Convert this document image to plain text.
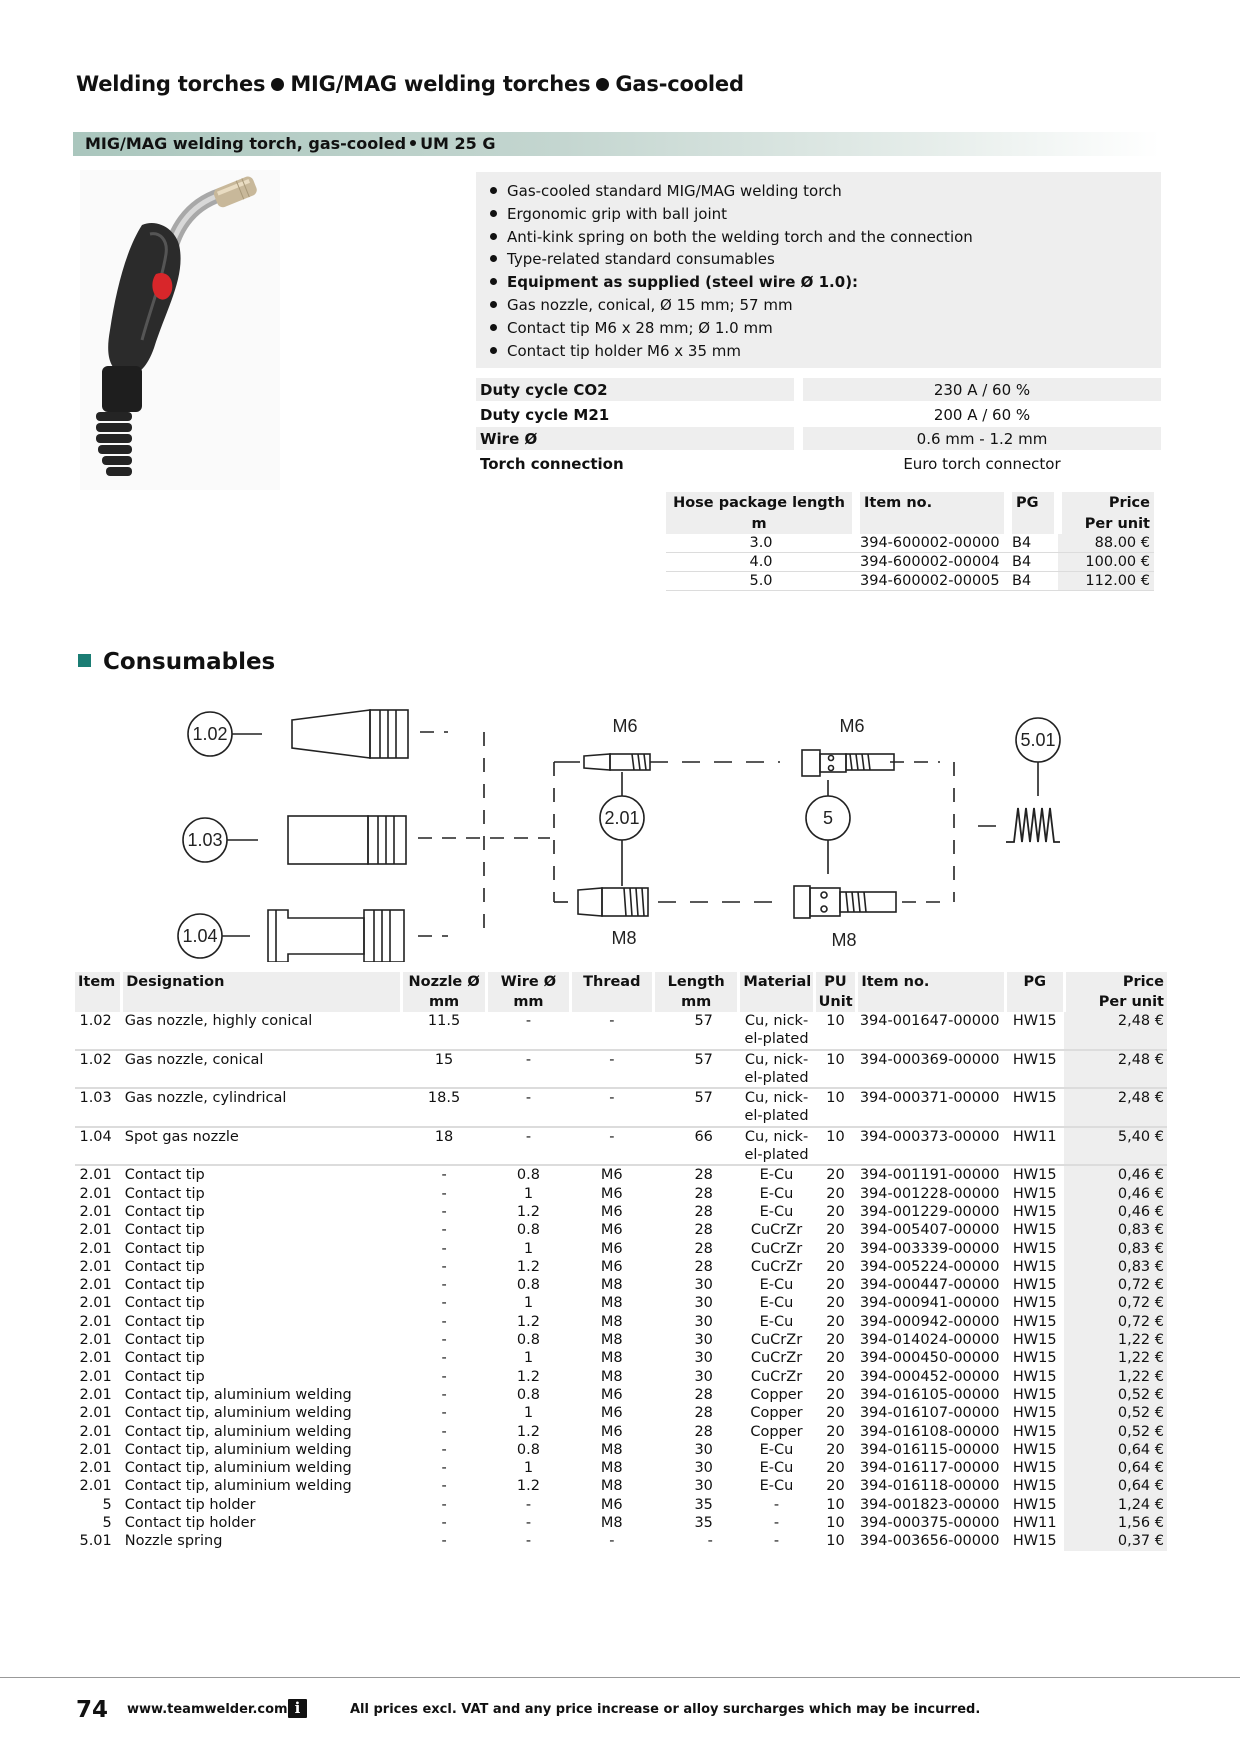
Welding torches MIG/MAG welding torches Gas-cooled
MIG/MAG welding torch, gas-cooled UM 25 G
Gas-cooled standard MIG/MAG welding torch
Ergonomic grip with ball joint
Anti-kink spring on both the welding torch and the connection
Type-related standard consumables
Equipment as supplied (steel wire Ø 1.0):
Gas nozzle, conical, Ø 15 mm; 57 mm
Contact tip M6 x 28 mm; Ø 1.0 mm
Contact tip holder M6 x 35 mm
Duty cycle CO2	230 A / 60 %
Duty cycle M21	200 A / 60 %
Wire Ø	0.6 mm - 1.2 mm
Torch connection	Euro torch connector
Hose package length	Item no.	PG	Price
m			Per unit
3.0	394-600002-00000	B4	88.00 €
4.0	394-600002-00004	B4	100.00 €
5.0	394-600002-00005	B4	112.00 €
Consumables
1.02
1.03
1.04
M6
2.01
M8
M6
5
M8
5.01
Item	Designation	Nozzle Ø	Wire Ø	Thread	Length	Material	PU	Item no.	PG	Price
		mm	mm		mm		Unit			Per unit
1.02	Gas nozzle, highly conical	11.5	-	-	57	Cu, nick-
el-plated	10	394-001647-00000	HW15	2,48 €
1.02	Gas nozzle, conical	15	-	-	57	Cu, nick-
el-plated	10	394-000369-00000	HW15	2,48 €
1.03	Gas nozzle, cylindrical	18.5	-	-	57	Cu, nick-
el-plated	10	394-000371-00000	HW15	2,48 €
1.04	Spot gas nozzle	18	-	-	66	Cu, nick-
el-plated	10	394-000373-00000	HW11	5,40 €
2.01	Contact tip	-	0.8	M6	28	E-Cu	20	394-001191-00000	HW15	0,46 €
2.01	Contact tip	-	1	M6	28	E-Cu	20	394-001228-00000	HW15	0,46 €
2.01	Contact tip	-	1.2	M6	28	E-Cu	20	394-001229-00000	HW15	0,46 €
2.01	Contact tip	-	0.8	M6	28	CuCrZr	20	394-005407-00000	HW15	0,83 €
2.01	Contact tip	-	1	M6	28	CuCrZr	20	394-003339-00000	HW15	0,83 €
2.01	Contact tip	-	1.2	M6	28	CuCrZr	20	394-005224-00000	HW15	0,83 €
2.01	Contact tip	-	0.8	M8	30	E-Cu	20	394-000447-00000	HW15	0,72 €
2.01	Contact tip	-	1	M8	30	E-Cu	20	394-000941-00000	HW15	0,72 €
2.01	Contact tip	-	1.2	M8	30	E-Cu	20	394-000942-00000	HW15	0,72 €
2.01	Contact tip	-	0.8	M8	30	CuCrZr	20	394-014024-00000	HW15	1,22 €
2.01	Contact tip	-	1	M8	30	CuCrZr	20	394-000450-00000	HW15	1,22 €
2.01	Contact tip	-	1.2	M8	30	CuCrZr	20	394-000452-00000	HW15	1,22 €
2.01	Contact tip, aluminium welding	-	0.8	M6	28	Copper	20	394-016105-00000	HW15	0,52 €
2.01	Contact tip, aluminium welding	-	1	M6	28	Copper	20	394-016107-00000	HW15	0,52 €
2.01	Contact tip, aluminium welding	-	1.2	M6	28	Copper	20	394-016108-00000	HW15	0,52 €
2.01	Contact tip, aluminium welding	-	0.8	M8	30	E-Cu	20	394-016115-00000	HW15	0,64 €
2.01	Contact tip, aluminium welding	-	1	M8	30	E-Cu	20	394-016117-00000	HW15	0,64 €
2.01	Contact tip, aluminium welding	-	1.2	M8	30	E-Cu	20	394-016118-00000	HW15	0,64 €
5	Contact tip holder	-	-	M6	35	-	10	394-001823-00000	HW15	1,24 €
5	Contact tip holder	-	-	M8	35	-	10	394-000375-00000	HW11	1,56 €
5.01	Nozzle spring	-	-	-	-	-	10	394-003656-00000	HW15	0,37 €
74 www.teamwelder.com i	All prices excl. VAT and any price increase or alloy surcharges which may be incurred.
